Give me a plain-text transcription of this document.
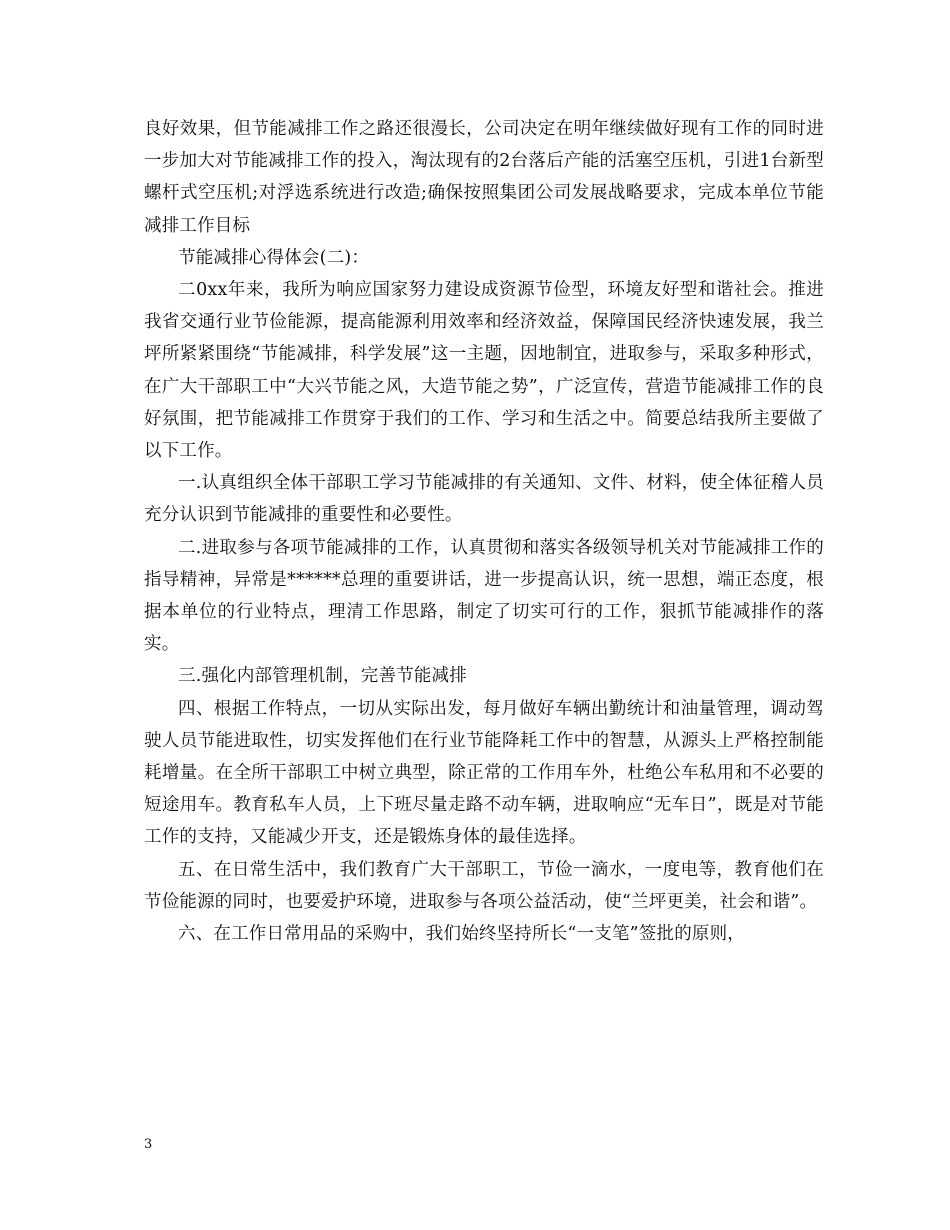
良好效果，但节能减排工作之路还很漫长，公司决定在明年继续做好现有工作的同时进一步加大对节能减排工作的投入，淘汰现有的2台落后产能的活塞空压机，引进1台新型螺杆式空压机;对浮选系统进行改造;确保按照集团公司发展战略要求，完成本单位节能减排工作目标

节能减排心得体会(二)：

二0xx年来，我所为响应国家努力建设成资源节俭型，环境友好型和谐社会。推进我省交通行业节俭能源，提高能源利用效率和经济效益，保障国民经济快速发展，我兰坪所紧紧围绕“节能减排，科学发展”这一主题，因地制宜，进取参与，采取多种形式，在广大干部职工中“大兴节能之风，大造节能之势”，广泛宣传，营造节能减排工作的良好氛围，把节能减排工作贯穿于我们的工作、学习和生活之中。简要总结我所主要做了以下工作。

一.认真组织全体干部职工学习节能减排的有关通知、文件、材料，使全体征稽人员充分认识到节能减排的重要性和必要性。

二.进取参与各项节能减排的工作，认真贯彻和落实各级领导机关对节能减排工作的指导精神，异常是******总理的重要讲话，进一步提高认识，统一思想，端正态度，根据本单位的行业特点，理清工作思路，制定了切实可行的工作，狠抓节能减排作的落实。

三.强化内部管理机制，完善节能减排

四、根据工作特点，一切从实际出发，每月做好车辆出勤统计和油量管理，调动驾驶人员节能进取性，切实发挥他们在行业节能降耗工作中的智慧，从源头上严格控制能耗增量。在全所干部职工中树立典型，除正常的工作用车外，杜绝公车私用和不必要的短途用车。教育私车人员，上下班尽量走路不动车辆，进取响应“无车日”，既是对节能工作的支持，又能减少开支，还是锻炼身体的最佳选择。

五、在日常生活中，我们教育广大干部职工，节俭一滴水，一度电等，教育他们在节俭能源的同时，也要爱护环境，进取参与各项公益活动，使“兰坪更美，社会和谐”。

六、在工作日常用品的采购中，我们始终坚持所长“一支笔”签批的原则，

3
